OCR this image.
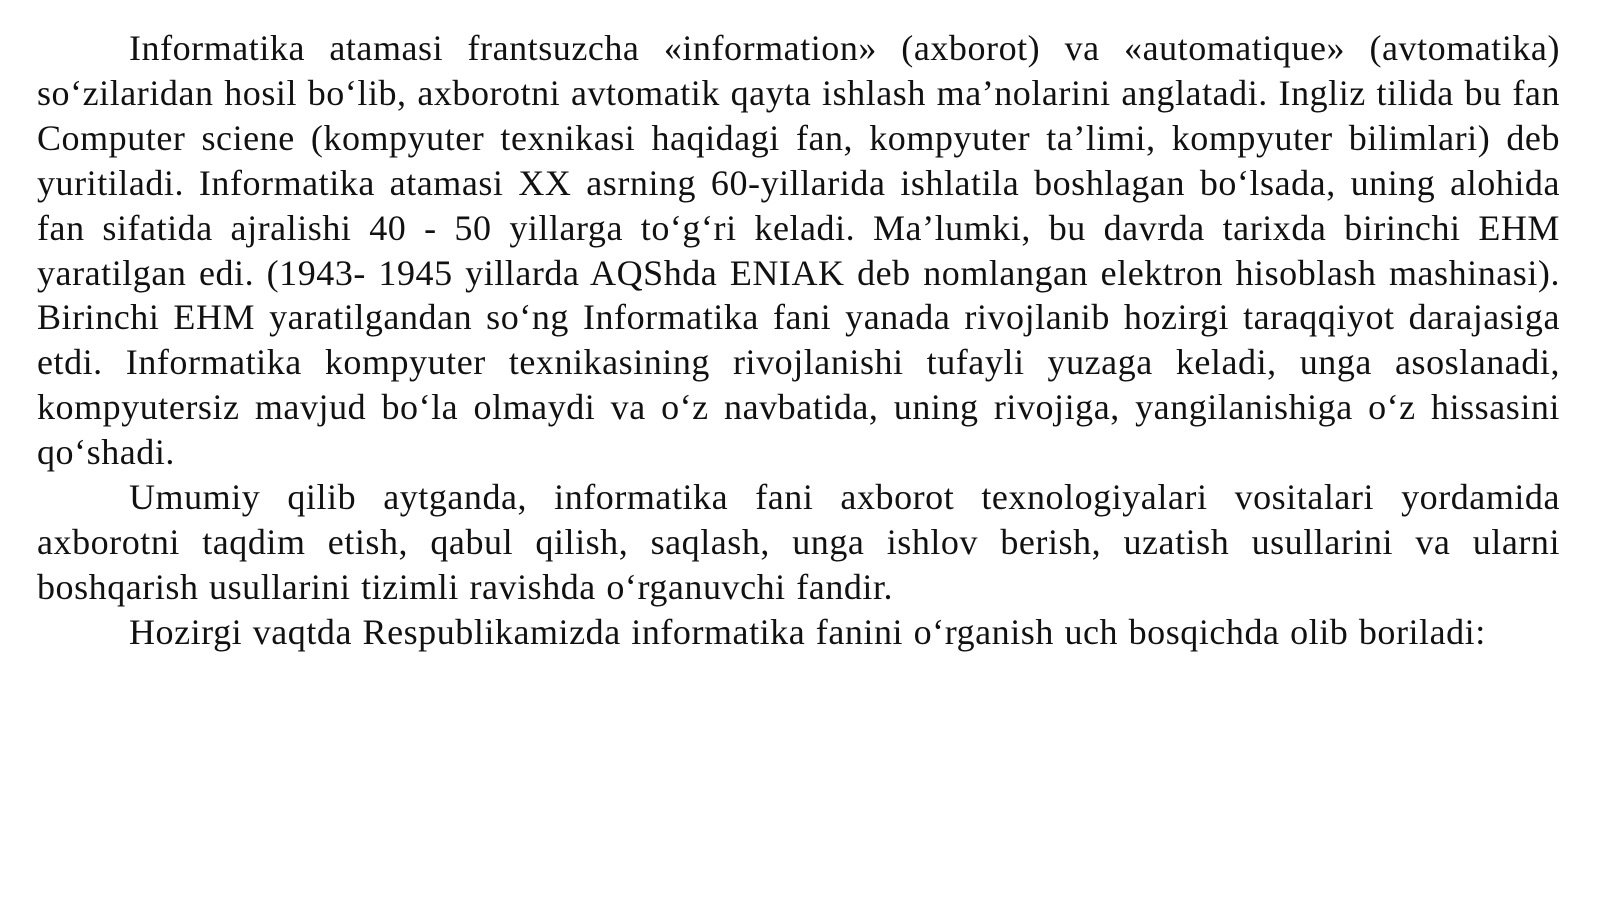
Informatika atamasi frantsuzcha «information» (axborot) va «automatique» (avtomatika) so‘zilaridan hosil bo‘lib, axborotni avtomatik qayta ishlash ma’nolarini anglatadi. Ingliz tilida bu fan Computer sciene (kompyuter texnikasi haqidagi fan, kompyuter ta’limi, kompyuter bilimlari) deb yuritiladi. Informatika atamasi XX asrning 60-yillarida ishlatila boshlagan bo‘lsada, uning alohida fan sifatida ajralishi 40 - 50 yillarga to‘g‘ri keladi. Ma’lumki, bu davrda tarixda birinchi EHM yaratilgan edi. (1943- 1945 yillarda AQShda ENIAK deb nomlangan elektron hisoblash mashinasi). Birinchi EHM yaratilgandan so‘ng Informatika fani yanada rivojlanib hozirgi taraqqiyot darajasiga etdi. Informatika kompyuter texnikasining rivojlanishi tufayli yuzaga keladi, unga asoslanadi, kompyutersiz mavjud bo‘la olmaydi va o‘z navbatida, uning rivojiga, yangilanishiga o‘z hissasini qo‘shadi.

Umumiy qilib aytganda, informatika fani axborot texnologiyalari vositalari yordamida axborotni taqdim etish, qabul qilish, saqlash, unga ishlov berish, uzatish usullarini va ularni boshqarish usullarini tizimli ravishda o‘rganuvchi fandir.

Hozirgi vaqtda Respublikamizda informatika fanini o‘rganish uch bosqichda olib boriladi:
